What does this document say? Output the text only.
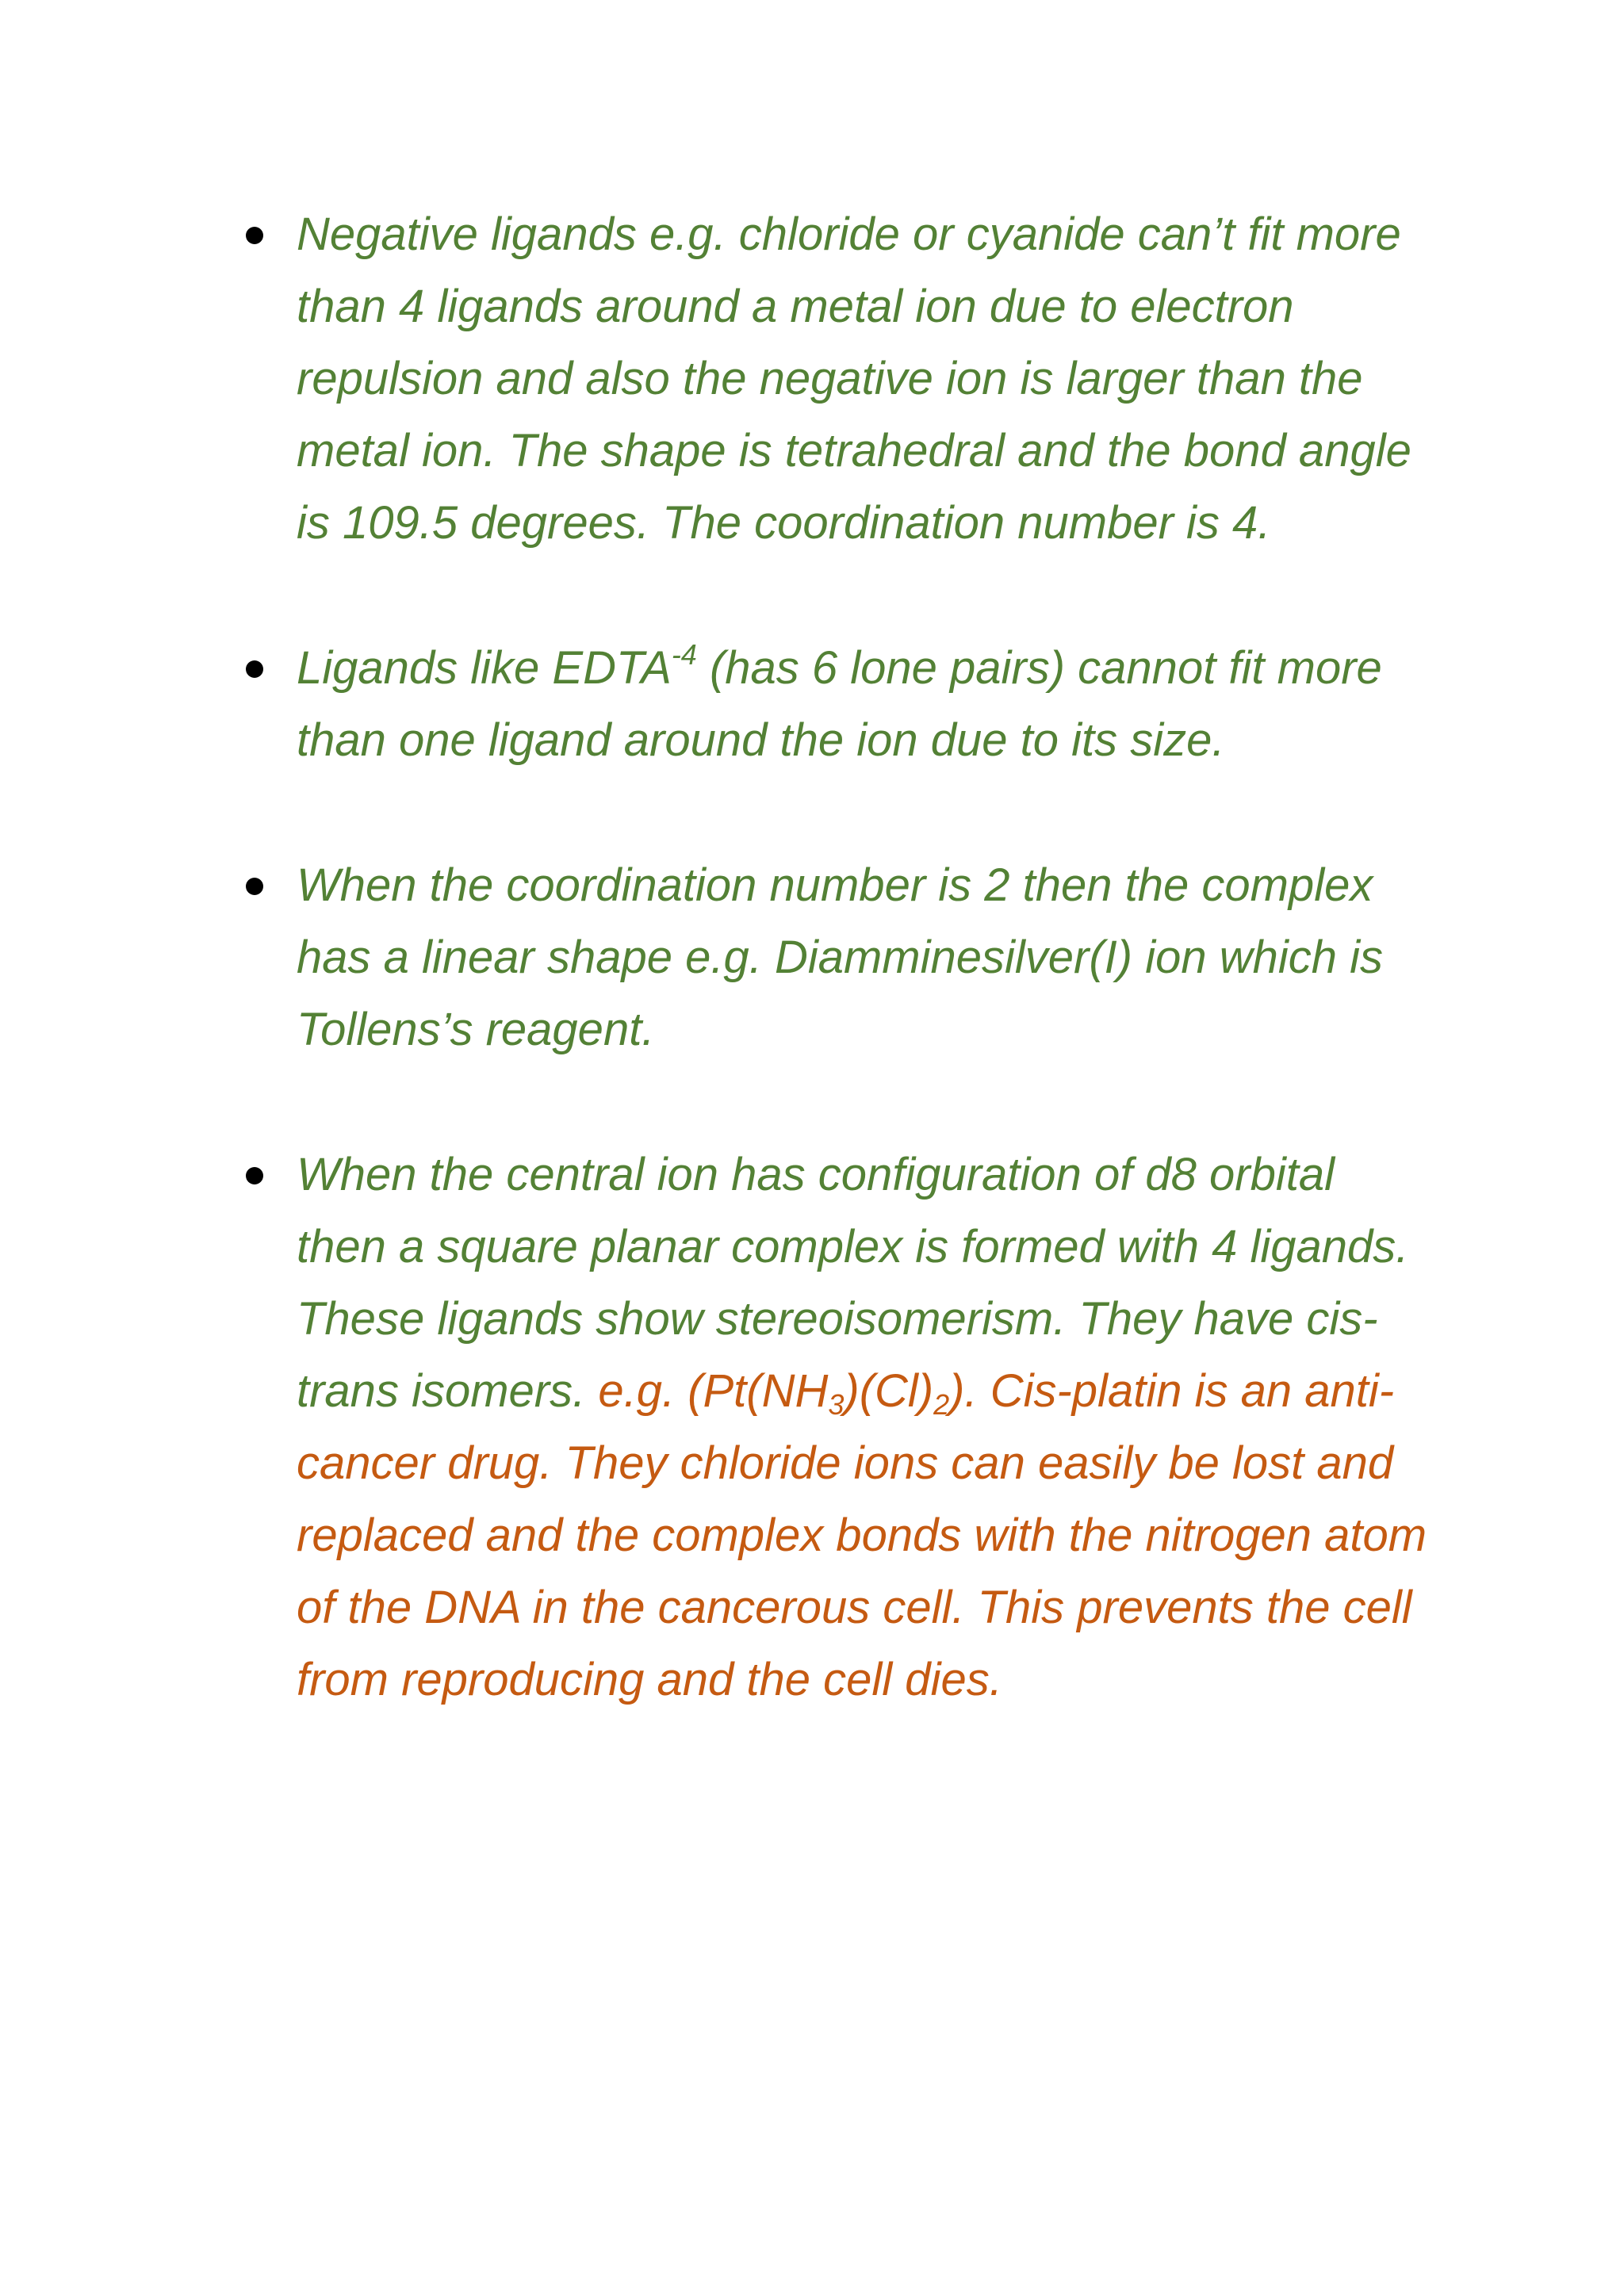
Negative ligands e.g. chloride or cyanide can’t fit more than 4 ligands around a metal ion due to electron repulsion and also the negative ion is larger than the metal ion. The shape is tetrahedral and the bond angle is 109.5 degrees. The coordination number is 4.
Ligands like $EDTA^{-4}$ (has 6 lone pairs) cannot fit more than one ligand around the ion due to its size.
When the coordination number is 2 then the complex has a linear shape e.g. Diamminesilver(I) ion which is Tollens’s reagent.
When the central ion has configuration of d8 orbital then a square planar complex is formed with 4 ligands. These ligands show stereoisomerism. They have cis-trans isomers. e.g. $(Pt(NH_3)(Cl)_2)$. Cis-platin is an anti-cancer drug. They chloride ions can easily be lost and replaced and the complex bonds with the nitrogen atom of the DNA in the cancerous cell. This prevents the cell from reproducing and the cell dies.
